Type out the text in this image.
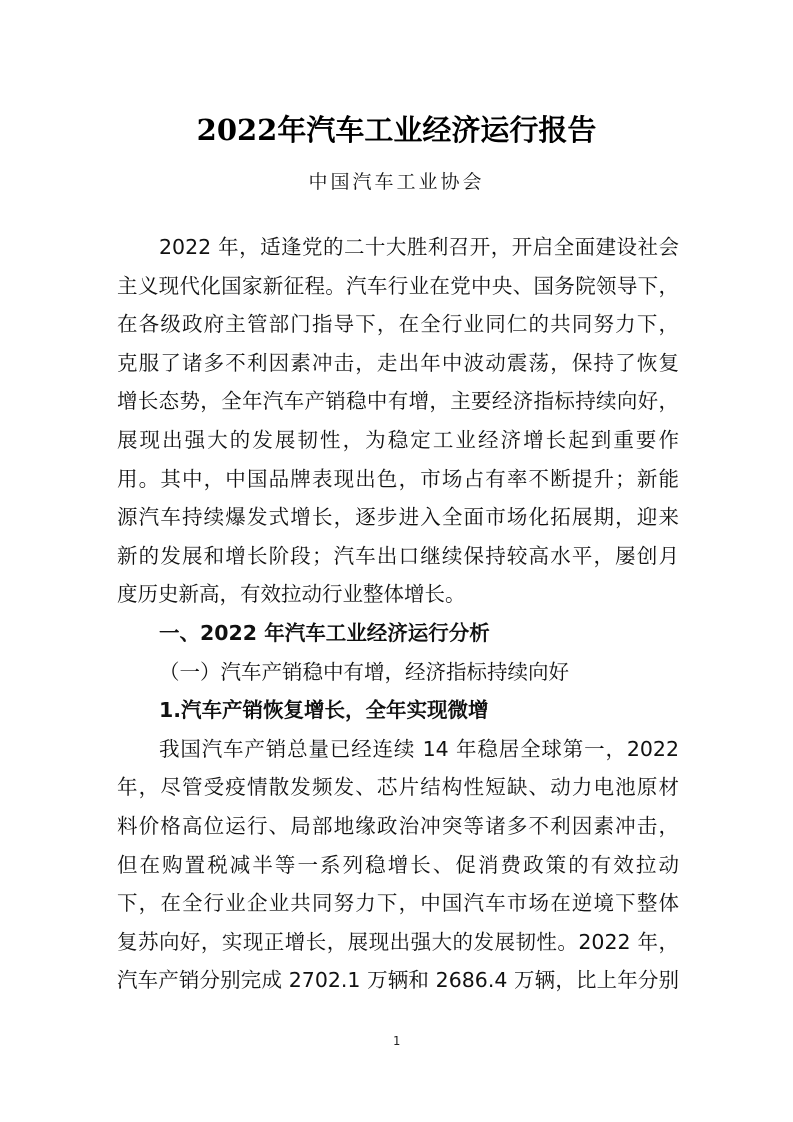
2022年汽车工业经济运行报告
中国汽车工业协会
2022 年，适逢党的二十大胜利召开，开启全面建设社会
主义现代化国家新征程。汽车行业在党中央、国务院领导下，
在各级政府主管部门指导下，在全行业同仁的共同努力下，
克服了诸多不利因素冲击，走出年中波动震荡，保持了恢复
增长态势，全年汽车产销稳中有增，主要经济指标持续向好，
展现出强大的发展韧性，为稳定工业经济增长起到重要作
用。其中，中国品牌表现出色，市场占有率不断提升；新能
源汽车持续爆发式增长，逐步进入全面市场化拓展期，迎来
新的发展和增长阶段；汽车出口继续保持较高水平，屡创月
度历史新高，有效拉动行业整体增长。
一、2022 年汽车工业经济运行分析
（一）汽车产销稳中有增，经济指标持续向好
1.汽车产销恢复增长，全年实现微增
我国汽车产销总量已经连续 14 年稳居全球第一，2022
年，尽管受疫情散发频发、芯片结构性短缺、动力电池原材
料价格高位运行、局部地缘政治冲突等诸多不利因素冲击，
但在购置税减半等一系列稳增长、促消费政策的有效拉动
下，在全行业企业共同努力下，中国汽车市场在逆境下整体
复苏向好，实现正增长，展现出强大的发展韧性。2022 年，
汽车产销分别完成 2702.1 万辆和 2686.4 万辆，比上年分别
1
